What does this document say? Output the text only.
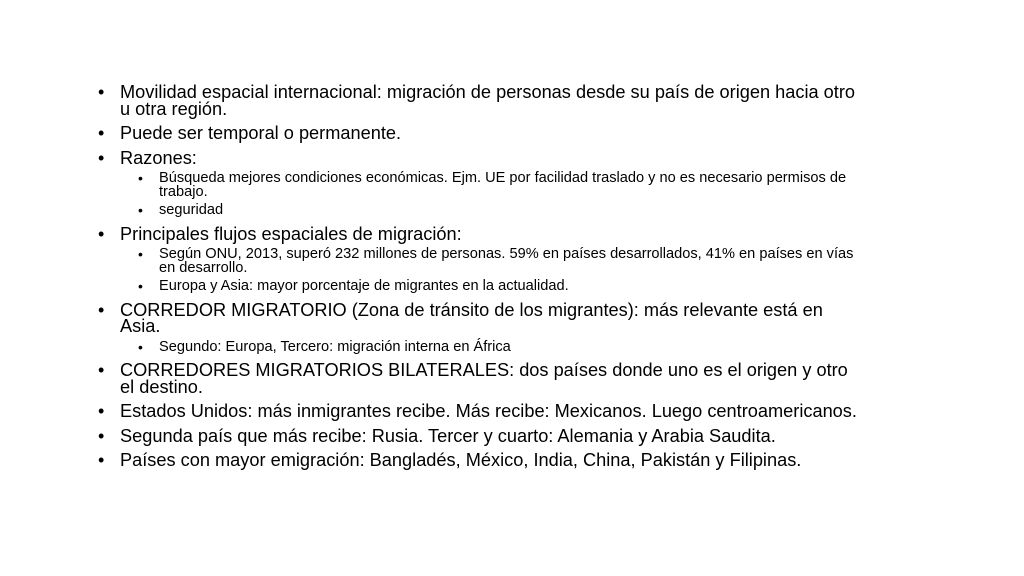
• Movilidad espacial internacional: migración de personas desde su país de origen hacia otro u otra región.
• Puede ser temporal o permanente.
• Razones:
• Búsqueda mejores condiciones económicas. Ejm. UE por facilidad traslado y no es necesario permisos de trabajo.
• seguridad
• Principales flujos espaciales de migración:
• Según ONU, 2013, superó 232 millones de personas. 59% en países desarrollados, 41% en países en vías en desarrollo.
• Europa y Asia: mayor porcentaje de migrantes en la actualidad.
• CORREDOR MIGRATORIO (Zona de tránsito de los migrantes): más relevante está en Asia.
• Segundo: Europa, Tercero: migración interna en África
• CORREDORES MIGRATORIOS BILATERALES: dos países donde uno es el origen y otro el destino.
• Estados Unidos: más inmigrantes recibe. Más recibe: Mexicanos. Luego centroamericanos.
• Segunda país que más recibe: Rusia. Tercer y cuarto: Alemania y Arabia Saudita.
• Países con mayor emigración: Bangladés, México, India, China, Pakistán y Filipinas.
